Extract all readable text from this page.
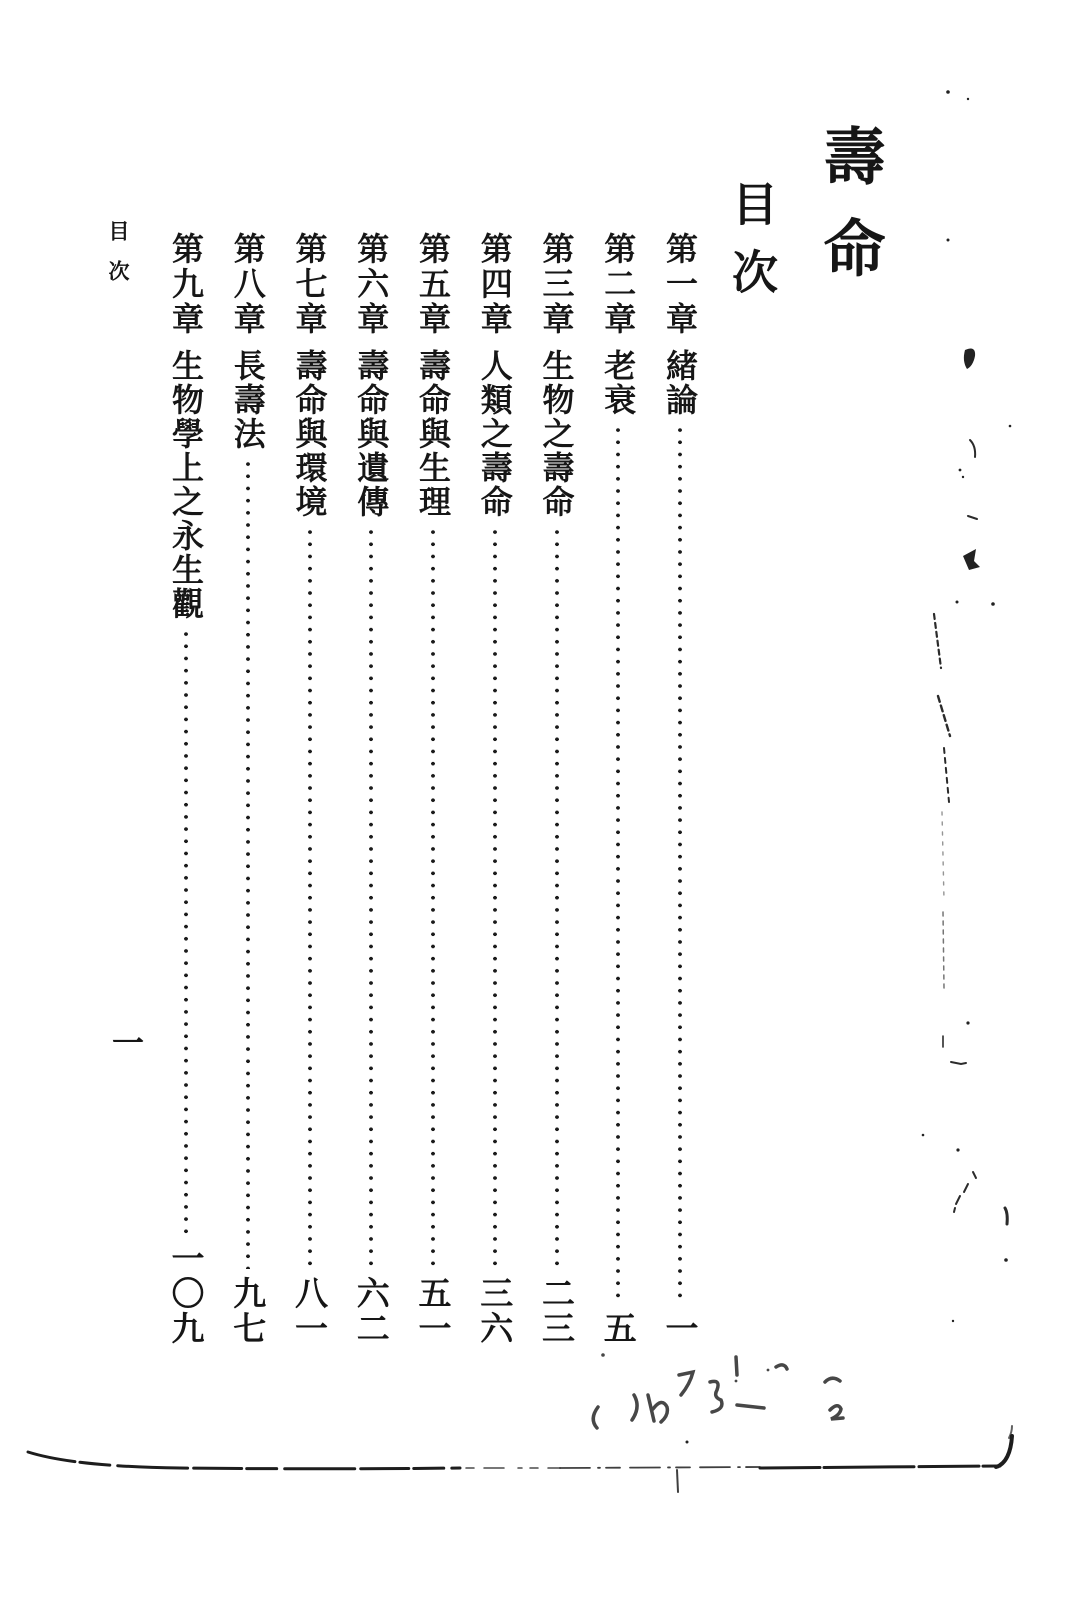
壽命
目次
第一章
緒論
一
第二章
老衰
五
第三章
生物之壽命
二三
第四章
人類之壽命
三六
第五章
壽命與生理
五一
第六章
壽命與遺傳
六二
第七章
壽命與環境
八一
第八章
長壽法
九七
第九章
生物學上之永生觀
一〇九
目次
一
